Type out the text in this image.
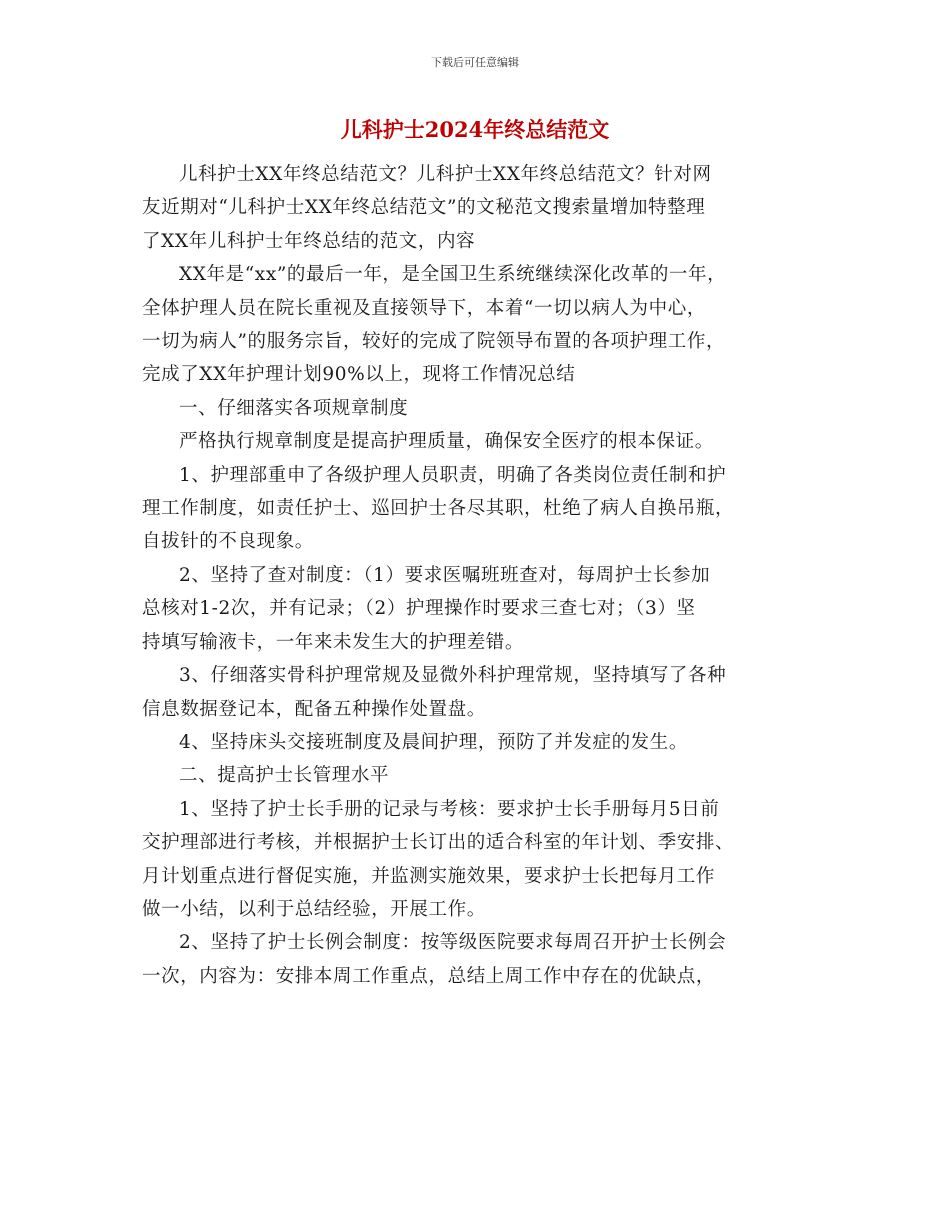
下载后可任意编辑
儿科护士2024年终总结范文

儿科护士XX年终总结范文？儿科护士XX年终总结范文？针对网
友近期对“儿科护士XX年终总结范文”的文秘范文搜索量增加特整理
了XX年儿科护士年终总结的范文，内容

XX年是“xx”的最后一年，是全国卫生系统继续深化改革的一年，
全体护理人员在院长重视及直接领导下，本着“一切以病人为中心，
一切为病人”的服务宗旨，较好的完成了院领导布置的各项护理工作，
完成了XX年护理计划90%以上，现将工作情况总结

一、仔细落实各项规章制度

严格执行规章制度是提高护理质量，确保安全医疗的根本保证。

1、护理部重申了各级护理人员职责，明确了各类岗位责任制和护
理工作制度，如责任护士、巡回护士各尽其职，杜绝了病人自换吊瓶，
自拔针的不良现象。

2、坚持了查对制度：（1）要求医嘱班班查对，每周护士长参加
总核对1-2次，并有记录；（2）护理操作时要求三查七对；（3）坚
持填写输液卡，一年来未发生大的护理差错。

3、仔细落实骨科护理常规及显微外科护理常规，坚持填写了各种
信息数据登记本，配备五种操作处置盘。

4、坚持床头交接班制度及晨间护理，预防了并发症的发生。

二、提高护士长管理水平

1、坚持了护士长手册的记录与考核：要求护士长手册每月5日前
交护理部进行考核，并根据护士长订出的适合科室的年计划、季安排、
月计划重点进行督促实施，并监测实施效果，要求护士长把每月工作
做一小结，以利于总结经验，开展工作。

2、坚持了护士长例会制度：按等级医院要求每周召开护士长例会
一次，内容为：安排本周工作重点，总结上周工作中存在的优缺点，
